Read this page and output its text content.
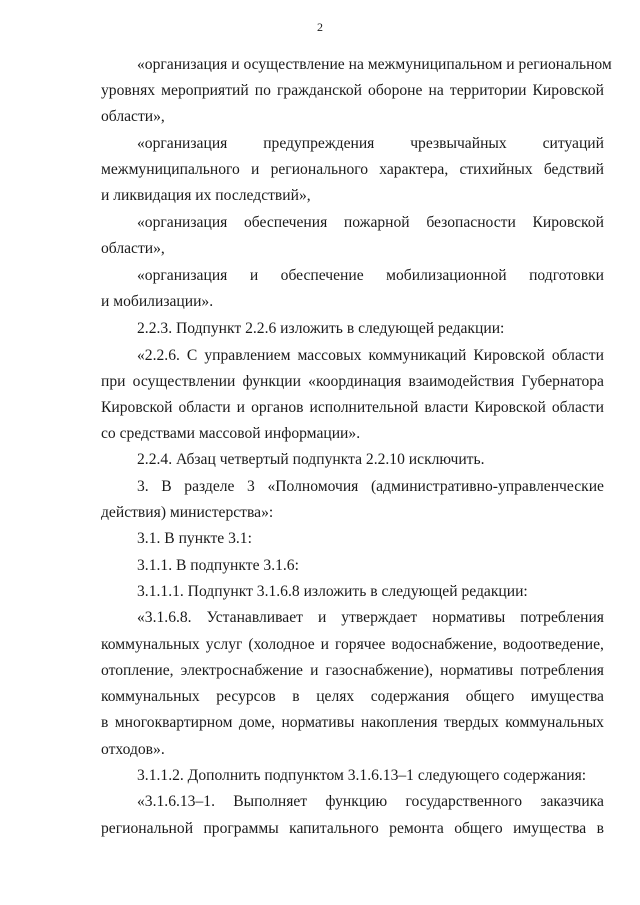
2
«организация и осуществление на межмуниципальном и региональном
уровнях мероприятий по гражданской обороне на территории Кировской
области»,
«организация предупреждения чрезвычайных ситуаций
межмуниципального и регионального характера, стихийных бедствий
и ликвидация их последствий»,
«организация обеспечения пожарной безопасности Кировской
области»,
«организация и обеспечение мобилизационной подготовки
и мобилизации».
2.2.3. Подпункт 2.2.6 изложить в следующей редакции:
«2.2.6. С управлением массовых коммуникаций Кировской области
при осуществлении функции «координация взаимодействия Губернатора
Кировской области и органов исполнительной власти Кировской области
со средствами массовой информации».
2.2.4. Абзац четвертый подпункта 2.2.10 исключить.
3. В разделе 3 «Полномочия (административно-управленческие
действия) министерства»:
3.1. В пункте 3.1:
3.1.1. В подпункте 3.1.6:
3.1.1.1. Подпункт 3.1.6.8 изложить в следующей редакции:
«3.1.6.8. Устанавливает и утверждает нормативы потребления
коммунальных услуг (холодное и горячее водоснабжение, водоотведение,
отопление, электроснабжение и газоснабжение), нормативы потребления
коммунальных ресурсов в целях содержания общего имущества
в многоквартирном доме, нормативы накопления твердых коммунальных
отходов».
3.1.1.2. Дополнить подпунктом 3.1.6.13–1 следующего содержания:
«3.1.6.13–1. Выполняет функцию государственного заказчика
региональной программы капитального ремонта общего имущества в
